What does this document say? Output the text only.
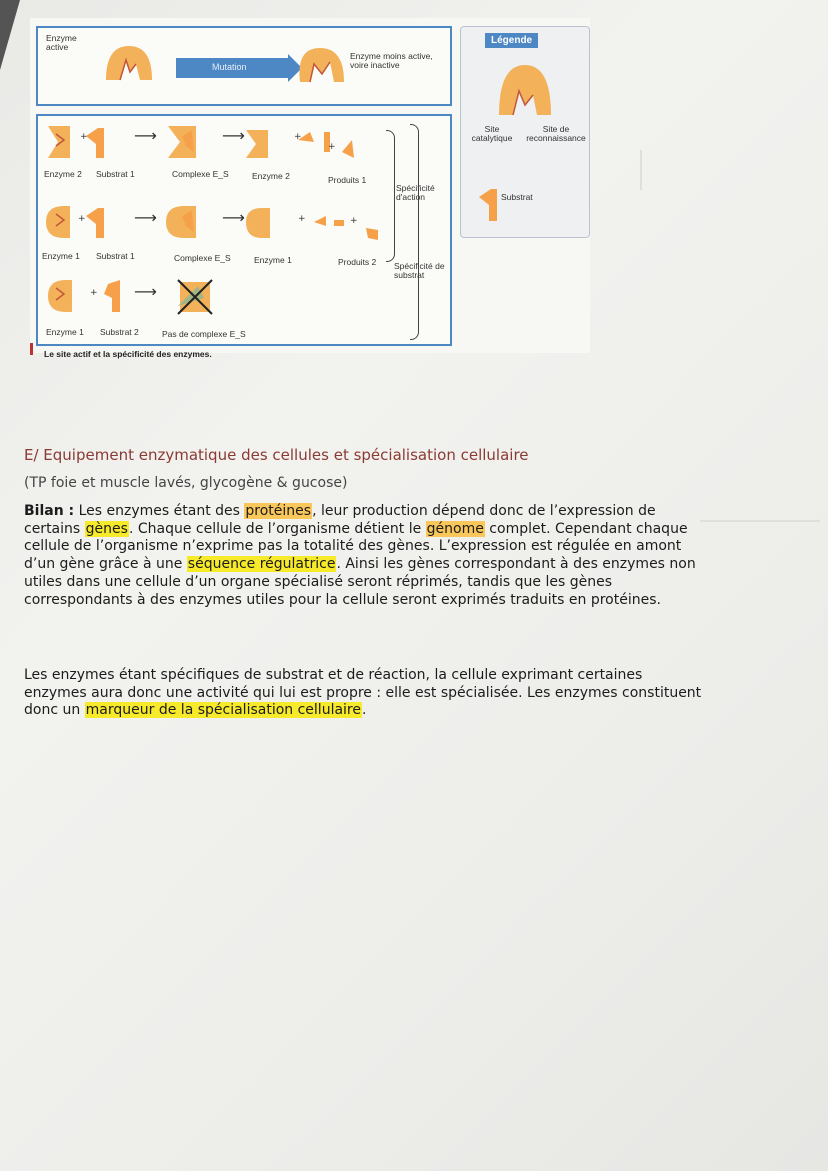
Enzyme active
Mutation
Enzyme moins active, voire inactive
+	⟶	⟶	+
+
Enzyme 2 Substrat 1	Complexe E_S	Enzyme 2	Produits 1
+	⟶	⟶	+	+
Enzyme 1 Substrat 1	Complexe E_S	Enzyme 1	Produits 2
+ ⟶
Enzyme 1 Substrat 2	Pas de complexe E_S
Spécificité d'action
Spécificité de substrat
Légende
Site catalytique
Site de reconnaissance
Substrat
Le site actif et la spécificité des enzymes.
E/ Equipement enzymatique des cellules et spécialisation cellulaire
(TP foie et muscle lavés, glycogène & gucose)
Bilan : Les enzymes étant des protéines, leur production dépend donc de l’expression de certains gènes. Chaque cellule de l’organisme détient le génome complet. Cependant chaque cellule de l’organisme n’exprime pas la totalité des gènes. L’expression est régulée en amont d’un gène grâce à une séquence régulatrice. Ainsi les gènes correspondant à des enzymes non utiles dans une cellule d’un organe spécialisé seront réprimés, tandis que les gènes correspondants à des enzymes utiles pour la cellule seront exprimés traduits en protéines.
Les enzymes étant spécifiques de substrat et de réaction, la cellule exprimant certaines enzymes aura donc une activité qui lui est propre : elle est spécialisée. Les enzymes constituent donc un marqueur de la spécialisation cellulaire.
